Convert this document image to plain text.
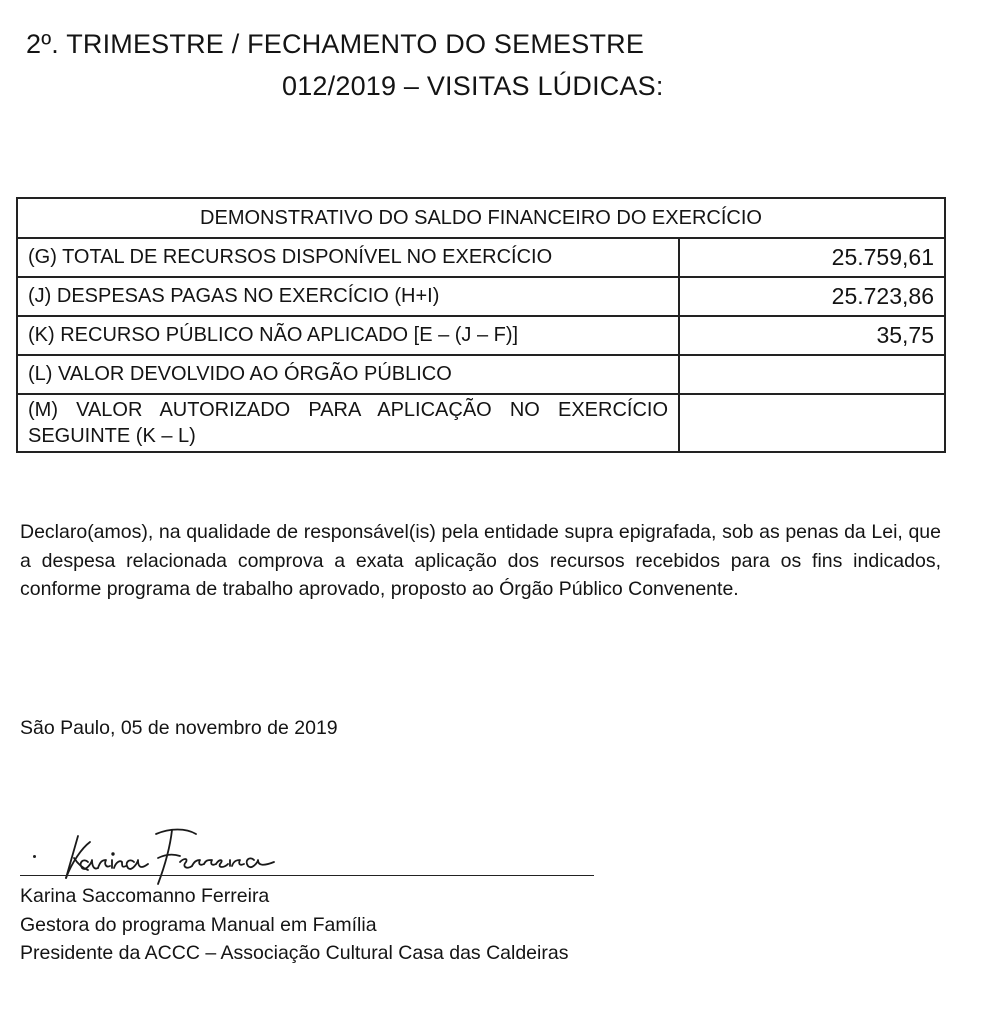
2º. TRIMESTRE / FECHAMENTO DO SEMESTRE
012/2019 – VISITAS LÚDICAS:
DEMONSTRATIVO DO SALDO FINANCEIRO DO EXERCÍCIO	
(G) TOTAL DE RECURSOS DISPONÍVEL NO EXERCÍCIO	25.759,61
(J) DESPESAS PAGAS NO EXERCÍCIO (H+I)	25.723,86
(K) RECURSO PÚBLICO NÃO APLICADO [E – (J – F)]	35,75
(L) VALOR DEVOLVIDO AO ÓRGÃO PÚBLICO	
(M) VALOR AUTORIZADO PARA APLICAÇÃO NO EXERCÍCIO SEGUINTE (K – L)	
Declaro(amos), na qualidade de responsável(is) pela entidade supra epigrafada, sob as penas da Lei, que a despesa relacionada comprova a exata aplicação dos recursos recebidos para os fins indicados, conforme programa de trabalho aprovado, proposto ao Órgão Público Convenente.
São Paulo, 05 de novembro de 2019
Karina Saccomanno Ferreira
Gestora do programa Manual em Família
Presidente da ACCC – Associação Cultural Casa das Caldeiras
